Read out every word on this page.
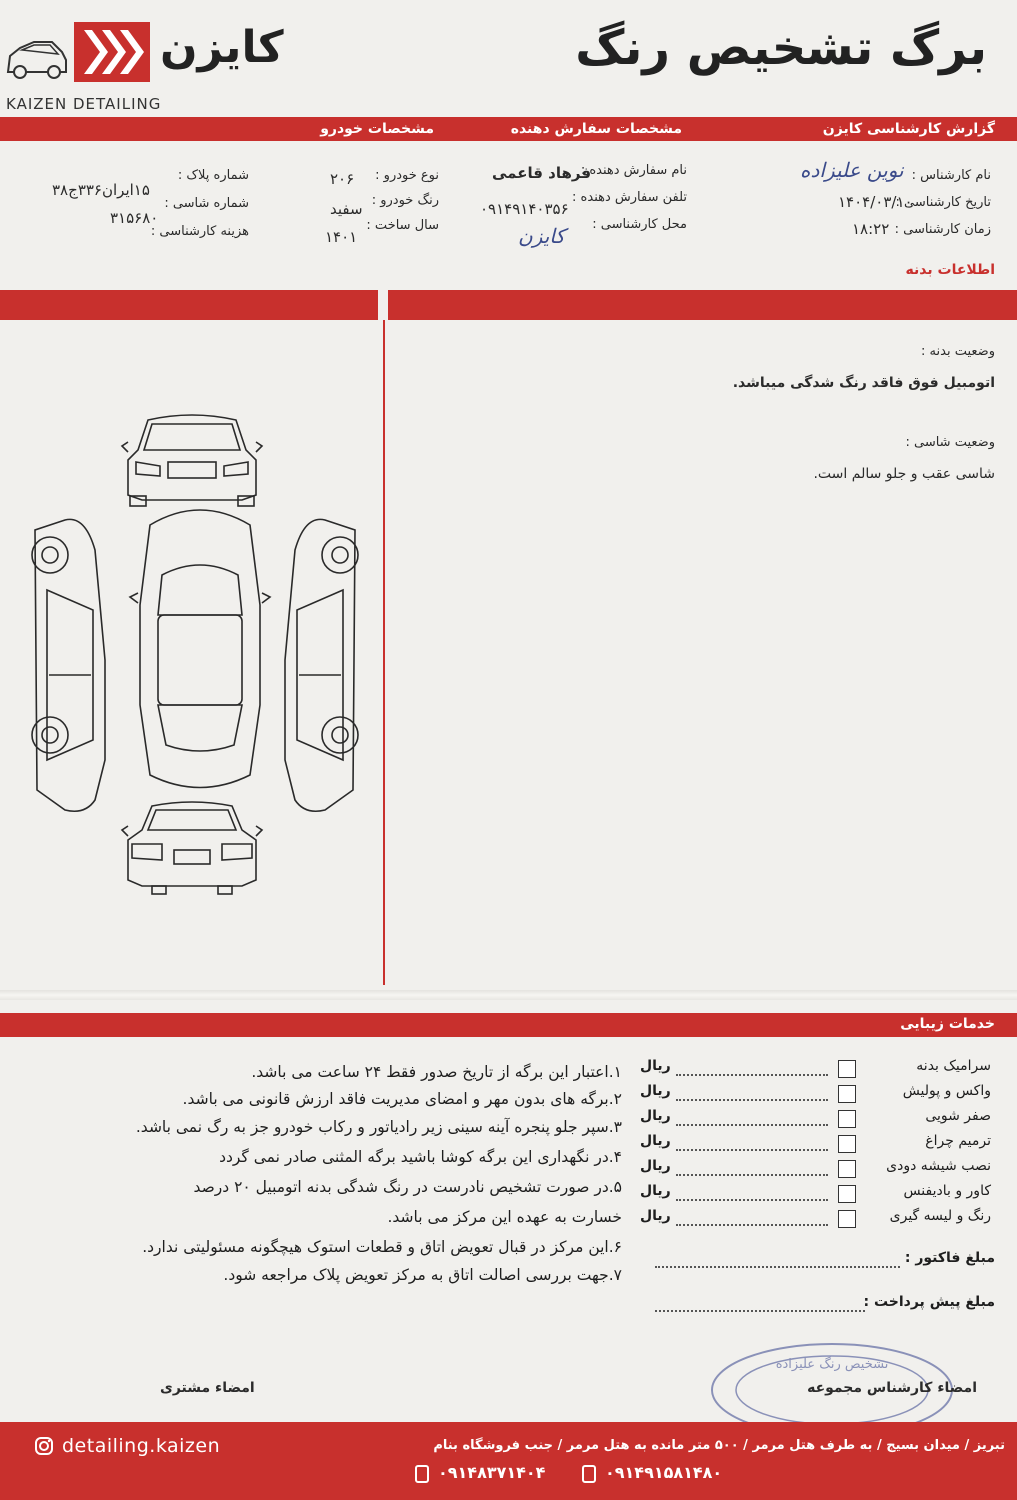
برگ تشخیص رنگ
کایزن
KAIZEN DETAILING
گزارش کارشناسی کایزن
مشخصات سفارش دهنده
مشخصات خودرو
نام کارشناس :
نوین علیزاده
تاریخ کارشناسی :
۱۴۰۴/۰۳/۱۰
زمان کارشناسی :
۱۸:۲۲
نام سفارش دهنده :
فرهاد قاعمی
تلفن سفارش دهنده :
۰۹۱۴۹۱۴۰۳۵۶
محل کارشناسی :
کایزن
نوع خودرو :
۲۰۶
رنگ خودرو :
سفید
سال ساخت :
۱۴۰۱
شماره پلاک :
۱۵ایران۳۳۶ج۳۸
شماره شاسی :
هزینه کارشناسی :
۳۱۵۶۸۰
اطلاعات بدنه
وضعیت بدنه :
اتومبیل فوق فاقد رنگ شدگی میباشد.
وضعیت شاسی :
شاسی عقب و جلو سالم است.
خدمات زیبایی
مبلغ فاکتور :
مبلغ پیش پرداخت :
تشخیص رنگ علیزاده
امضاء کارشناس مجموعه
امضاء مشتری
detailing.kaizen	تبریز / میدان بسیج / به طرف هتل مرمر / ۵۰۰ متر مانده به هتل مرمر / جنب فروشگاه بنام
۰۹۱۴۹۱۵۸۱۴۸۰
۰۹۱۴۸۳۷۱۴۰۴
سرامیک بدنه
ریال
واکس و پولیش
ریال
صفر شویی
ریال
ترمیم چراغ
ریال
نصب شیشه دودی
ریال
کاور و بادیفنس
ریال
رنگ و لیسه گیری
ریال
۱.اعتبار این برگه از تاریخ صدور فقط ۲۴ ساعت می باشد.
۲.برگه های بدون مهر و امضای مدیریت فاقد ارزش قانونی می باشد.
۳.سپر جلو پنجره آینه سینی زیر رادیاتور و رکاب خودرو جز به رگ نمی باشد.
۴.در نگهداری این برگه کوشا باشید برگه المثنی صادر نمی گردد
۵.در صورت تشخیص نادرست در رنگ شدگی بدنه اتومبیل ۲۰ درصد
خسارت به عهده این مرکز می باشد.
۶.این مرکز در قبال تعویض اتاق و قطعات استوک هیچگونه مسئولیتی ندارد.
۷.جهت بررسی اصالت اتاق به مرکز تعویض پلاک مراجعه شود.
